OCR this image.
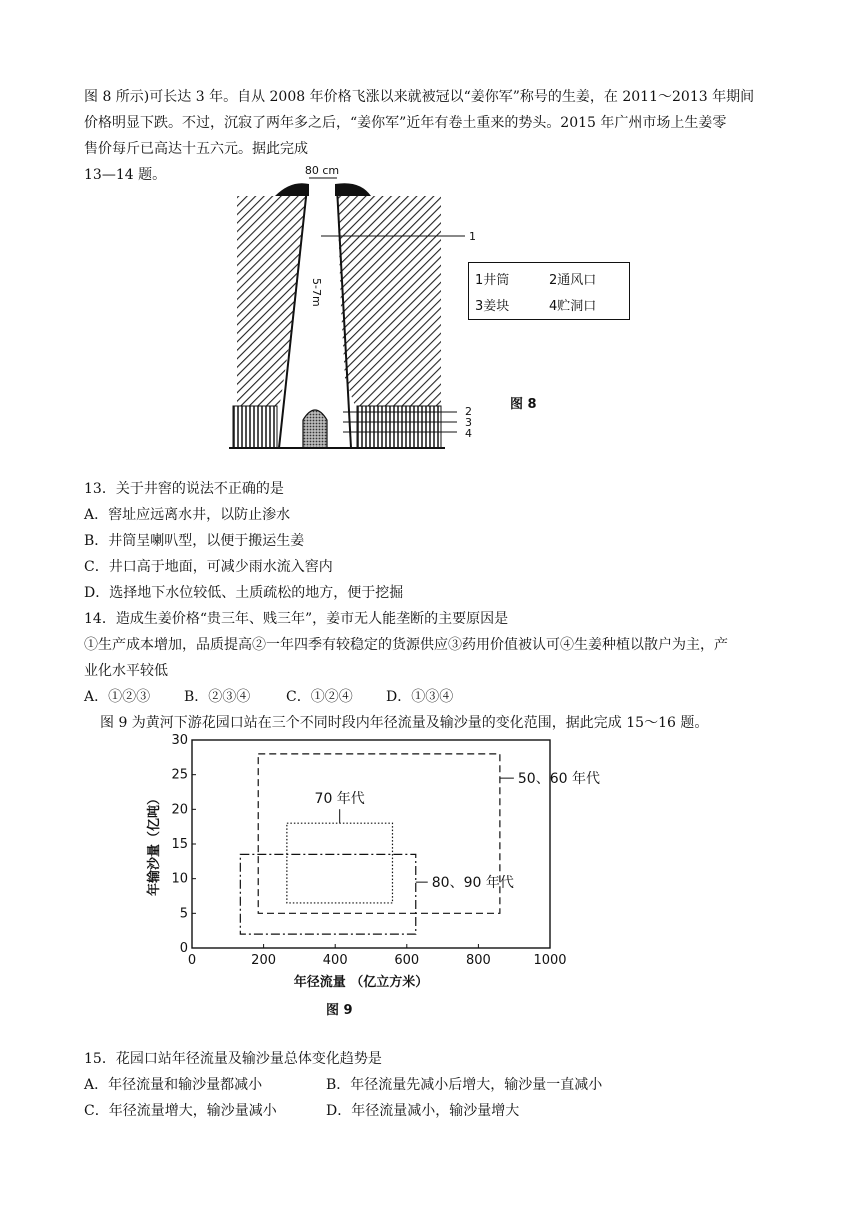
图 8 所示)可长达 3 年。自从 2008 年价格飞涨以来就被冠以“姜你军”称号的生姜，在 2011～2013 年期间

价格明显下跌。不过，沉寂了两年多之后，“姜你军”近年有卷土重来的势头。2015 年广州市场上生姜零

售价每斤已高达十五六元。据此完成

13—14 题。	80 cm
5-7m
1
2
3
4
1井筒	2通风口
3姜块	4贮洞口

图 8

13．关于井窖的说法不正确的是

A．窖址应远离水井，以防止渗水

B．井筒呈喇叭型，以便于搬运生姜

C．井口高于地面，可减少雨水流入窖内

D．选择地下水位较低、土质疏松的地方，便于挖掘

14．造成生姜价格“贵三年、贱三年”，姜市无人能垄断的主要原因是

①生产成本增加，品质提高②一年四季有较稳定的货源供应③药用价值被认可④生姜种植以散户为主，产

业化水平较低

A．①②③ B．②③④	C．①②④ D．①③④

图 9 为黄河下游花园口站在三个不同时段内年径流量及输沙量的变化范围，据此完成 15～16 题。

0	200	400	600	800	1000
0
5
10
15
20
25
30
年径流量 （亿立方米）
年输沙量（亿吨）
50、60 年代
70 年代
80、90 年代

图 9

15．花园口站年径流量及输沙量总体变化趋势是

A．年径流量和输沙量都减小	B．年径流量先减小后增大，输沙量一直减小

C．年径流量增大，输沙量减小	D．年径流量减小，输沙量增大
